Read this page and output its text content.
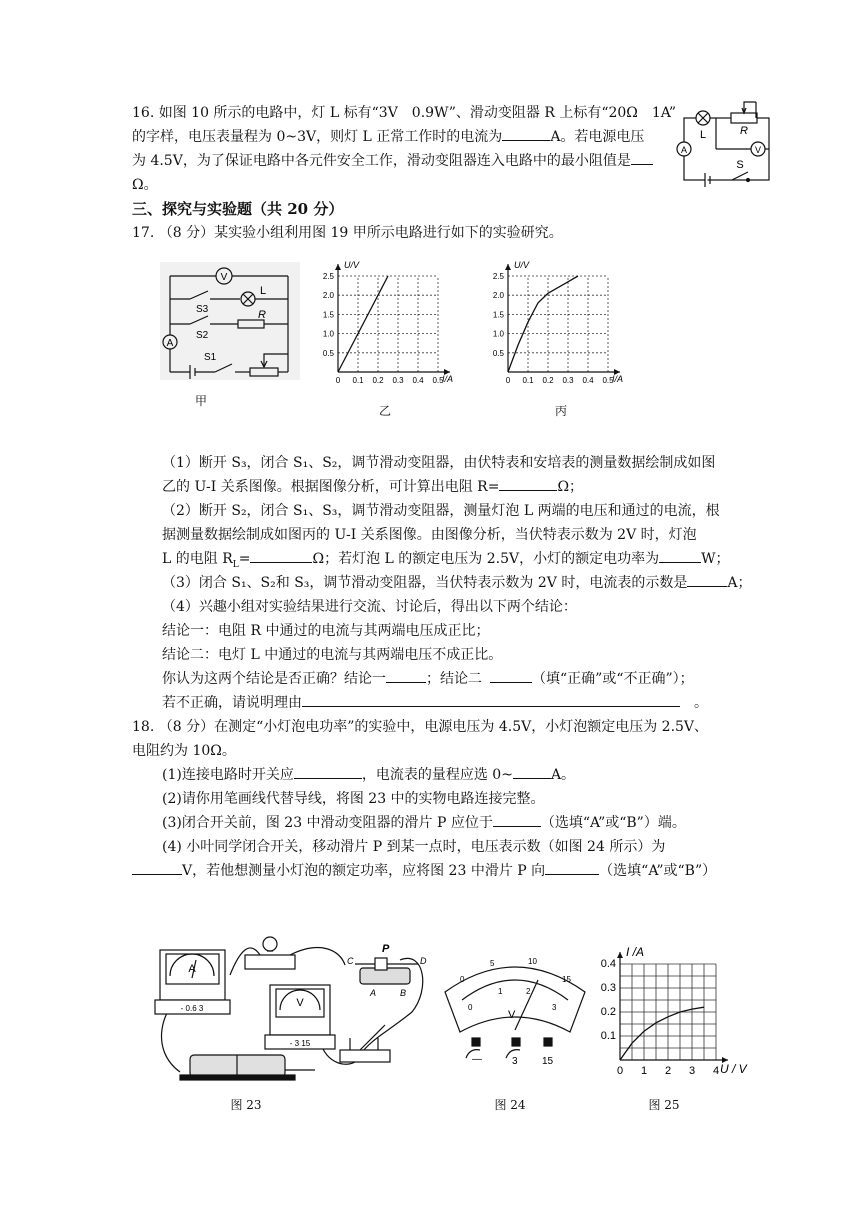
16. 如图 10 所示的电路中，灯 L 标有“3V　0.9W”、滑动变阻器 R 上标有“20Ω　1A”
的字样，电压表量程为 0~3V，则灯 L 正常工作时的电流为	A。若电源电压
为 4.5V，为了保证电路中各元件安全工作，滑动变阻器连入电路中的最小阻值是
Ω。
L	R
A	V
S
三、探究与实验题（共 20 分）
17. （8 分）某实验小组利用图 19 甲所示电路进行如下的实验研究。
V
L
R
A
S3
S2
S1
甲
U/V
I/A
2.5
2.0
1.5
1.0
0.5
0 0.1 0.2 0.3 0.4 0.5
乙
U/V
I/A
2.5
2.0
1.5
1.0
0.5
0 0.1 0.2 0.3 0.4 0.5
丙
（1）断开 S₃，闭合 S₁、S₂，调节滑动变阻器，由伏特表和安培表的测量数据绘制成如图
乙的 U-I 关系图像。根据图像分析，可计算出电阻 R=	Ω；
（2）断开 S₂，闭合 S₁、S₃，调节滑动变阻器，测量灯泡 L 两端的电压和通过的电流，根
据测量数据绘制成如图丙的 U-I 关系图像。由图像分析，当伏特表示数为 2V 时，灯泡
L 的电阻 $R_L=$	Ω；若灯泡 L 的额定电压为 2.5V，小灯的额定电功率为	W；
（3）闭合 S₁、S₂和 S₃，调节滑动变阻器，当伏特表示数为 2V 时，电流表的示数是	A；
（4）兴趣小组对实验结果进行交流、讨论后，得出以下两个结论：
结论一：电阻 R 中通过的电流与其两端电压成正比；
结论二：电灯 L 中通过的电流与其两端电压不成正比。
你认为这两个结论是否正确？结论一	；结论二	（填“正确”或“不正确”）；
若不正确，请说明理由	。
18. （8 分）在测定“小灯泡电功率”的实验中，电源电压为 4.5V，小灯泡额定电压为 2.5V、
电阻约为 10Ω。
(1)连接电路时开关应	，电流表的量程应选 0~	A。
(2)请你用笔画线代替导线，将图 23 中的实物电路连接完整。
(3)闭合开关前，图 23 中滑动变阻器的滑片 P 应位于	（选填“A”或“B”）端。
(4) 小叶同学闭合开关，移动滑片 P 到某一点时，电压表示数（如图 24 所示）为
V，若他想测量小灯泡的额定功率，应将图 23 中滑片 P 向	（选填“A”或“B”）
A
- 0.6 3	V
- 3 15
P
C	D
A	B
图 23
0
5	10
15
0
1	2
3
V
—	3 15
图 24
I /A
U / V
0.4
0.3
0.2
0.1
0 1 2 3 4
图 25
